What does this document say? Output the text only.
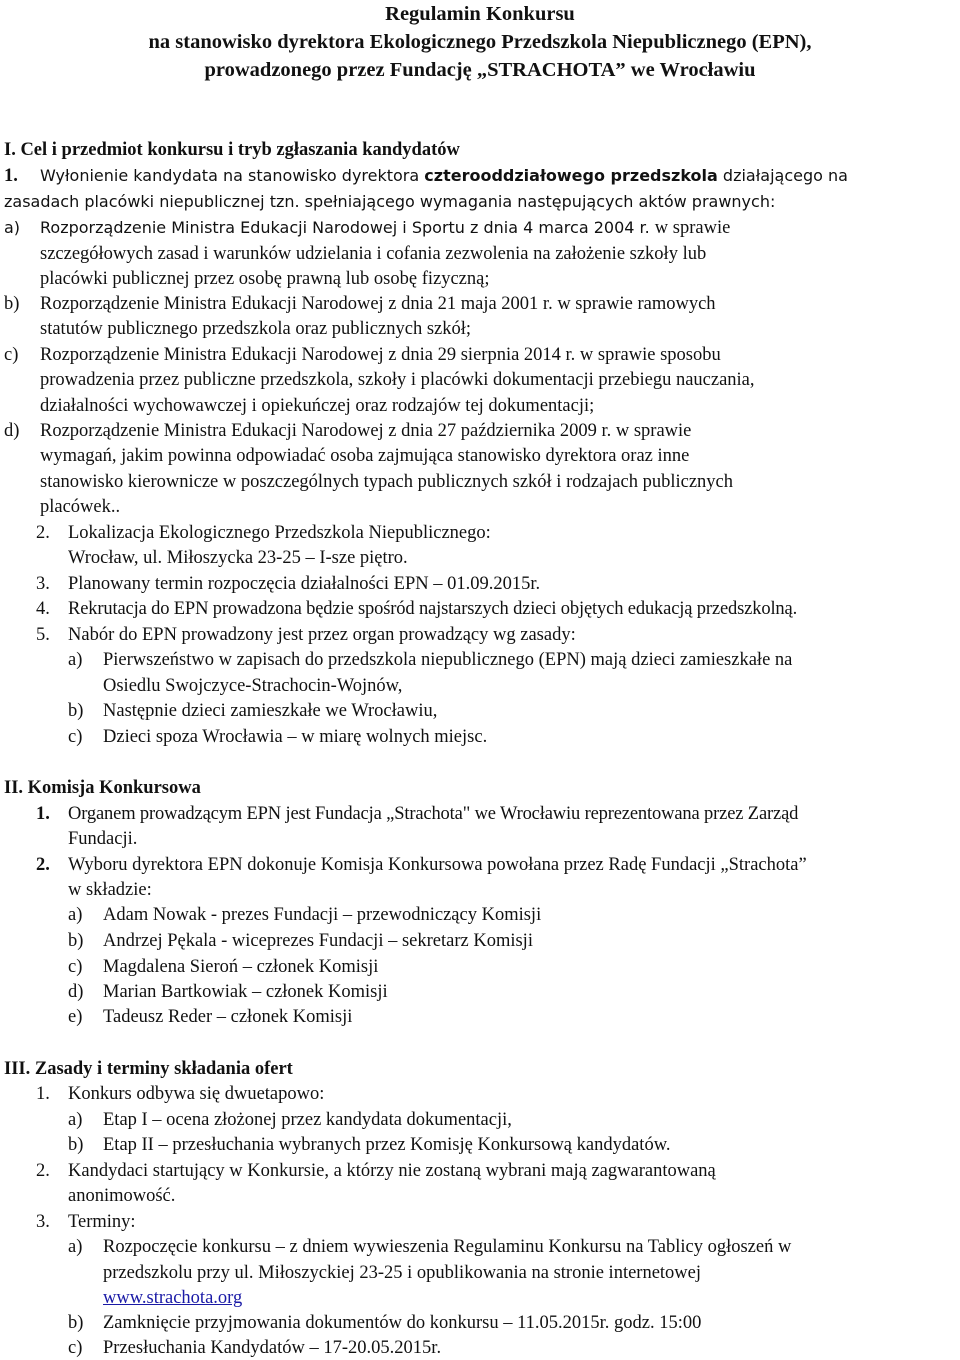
Regulamin Konkursu
na stanowisko dyrektora Ekologicznego Przedszkola Niepublicznego (EPN),
prowadzonego przez Fundację „STRACHOTA” we Wrocławiu
I. Cel i przedmiot konkursu i tryb zgłaszania kandydatów
1. Wyłonienie kandydata na stanowisko dyrektora czterooddziałowego przedszkola działającego na
zasadach placówki niepublicznej tzn. spełniającego wymagania następujących aktów prawnych:
a) Rozporządzenie Ministra Edukacji Narodowej i Sportu z dnia 4 marca 2004 r. w sprawie
szczegółowych zasad i warunków udzielania i cofania zezwolenia na założenie szkoły lub
placówki publicznej przez osobę prawną lub osobę fizyczną;
b) Rozporządzenie Ministra Edukacji Narodowej z dnia 21 maja 2001 r. w sprawie ramowych
statutów publicznego przedszkola oraz publicznych szkół;
c) Rozporządzenie Ministra Edukacji Narodowej z dnia 29 sierpnia 2014 r. w sprawie sposobu
prowadzenia przez publiczne przedszkola, szkoły i placówki dokumentacji przebiegu nauczania,
działalności wychowawczej i opiekuńczej oraz rodzajów tej dokumentacji;
d) Rozporządzenie Ministra Edukacji Narodowej z dnia 27 października 2009 r. w sprawie
wymagań, jakim powinna odpowiadać osoba zajmująca stanowisko dyrektora oraz inne
stanowisko kierownicze w poszczególnych typach publicznych szkół i rodzajach publicznych
placówek..
2. Lokalizacja Ekologicznego Przedszkola Niepublicznego:
Wrocław, ul. Miłoszycka 23-25 – I-sze piętro.
3. Planowany termin rozpoczęcia działalności EPN – 01.09.2015r.
4. Rekrutacja do EPN prowadzona będzie spośród najstarszych dzieci objętych edukacją przedszkolną.
5. Nabór do EPN prowadzony jest przez organ prowadzący wg zasady:
a) Pierwszeństwo w zapisach do przedszkola niepublicznego (EPN) mają dzieci zamieszkałe na
Osiedlu Swojczyce-Strachocin-Wojnów,
b) Następnie dzieci zamieszkałe we Wrocławiu,
c) Dzieci spoza Wrocławia – w miarę wolnych miejsc.
II. Komisja Konkursowa
1. Organem prowadzącym EPN jest Fundacja „Strachota" we Wrocławiu reprezentowana przez Zarząd
Fundacji.
2. Wyboru dyrektora EPN dokonuje Komisja Konkursowa powołana przez Radę Fundacji „Strachota”
w składzie:
a) Adam Nowak - prezes Fundacji – przewodniczący Komisji
b) Andrzej Pękala - wiceprezes Fundacji – sekretarz Komisji
c) Magdalena Sieroń – członek Komisji
d) Marian Bartkowiak – członek Komisji
e) Tadeusz Reder – członek Komisji
III. Zasady i terminy składania ofert
1. Konkurs odbywa się dwuetapowo:
a) Etap I – ocena złożonej przez kandydata dokumentacji,
b) Etap II – przesłuchania wybranych przez Komisję Konkursową kandydatów.
2. Kandydaci startujący w Konkursie, a którzy nie zostaną wybrani mają zagwarantowaną
anonimowość.
3. Terminy:
a) Rozpoczęcie konkursu – z dniem wywieszenia Regulaminu Konkursu na Tablicy ogłoszeń w
przedszkolu przy ul. Miłoszyckiej 23-25 i opublikowania na stronie internetowej
www.strachota.org
b) Zamknięcie przyjmowania dokumentów do konkursu – 11.05.2015r. godz. 15:00
c) Przesłuchania Kandydatów – 17-20.05.2015r.
